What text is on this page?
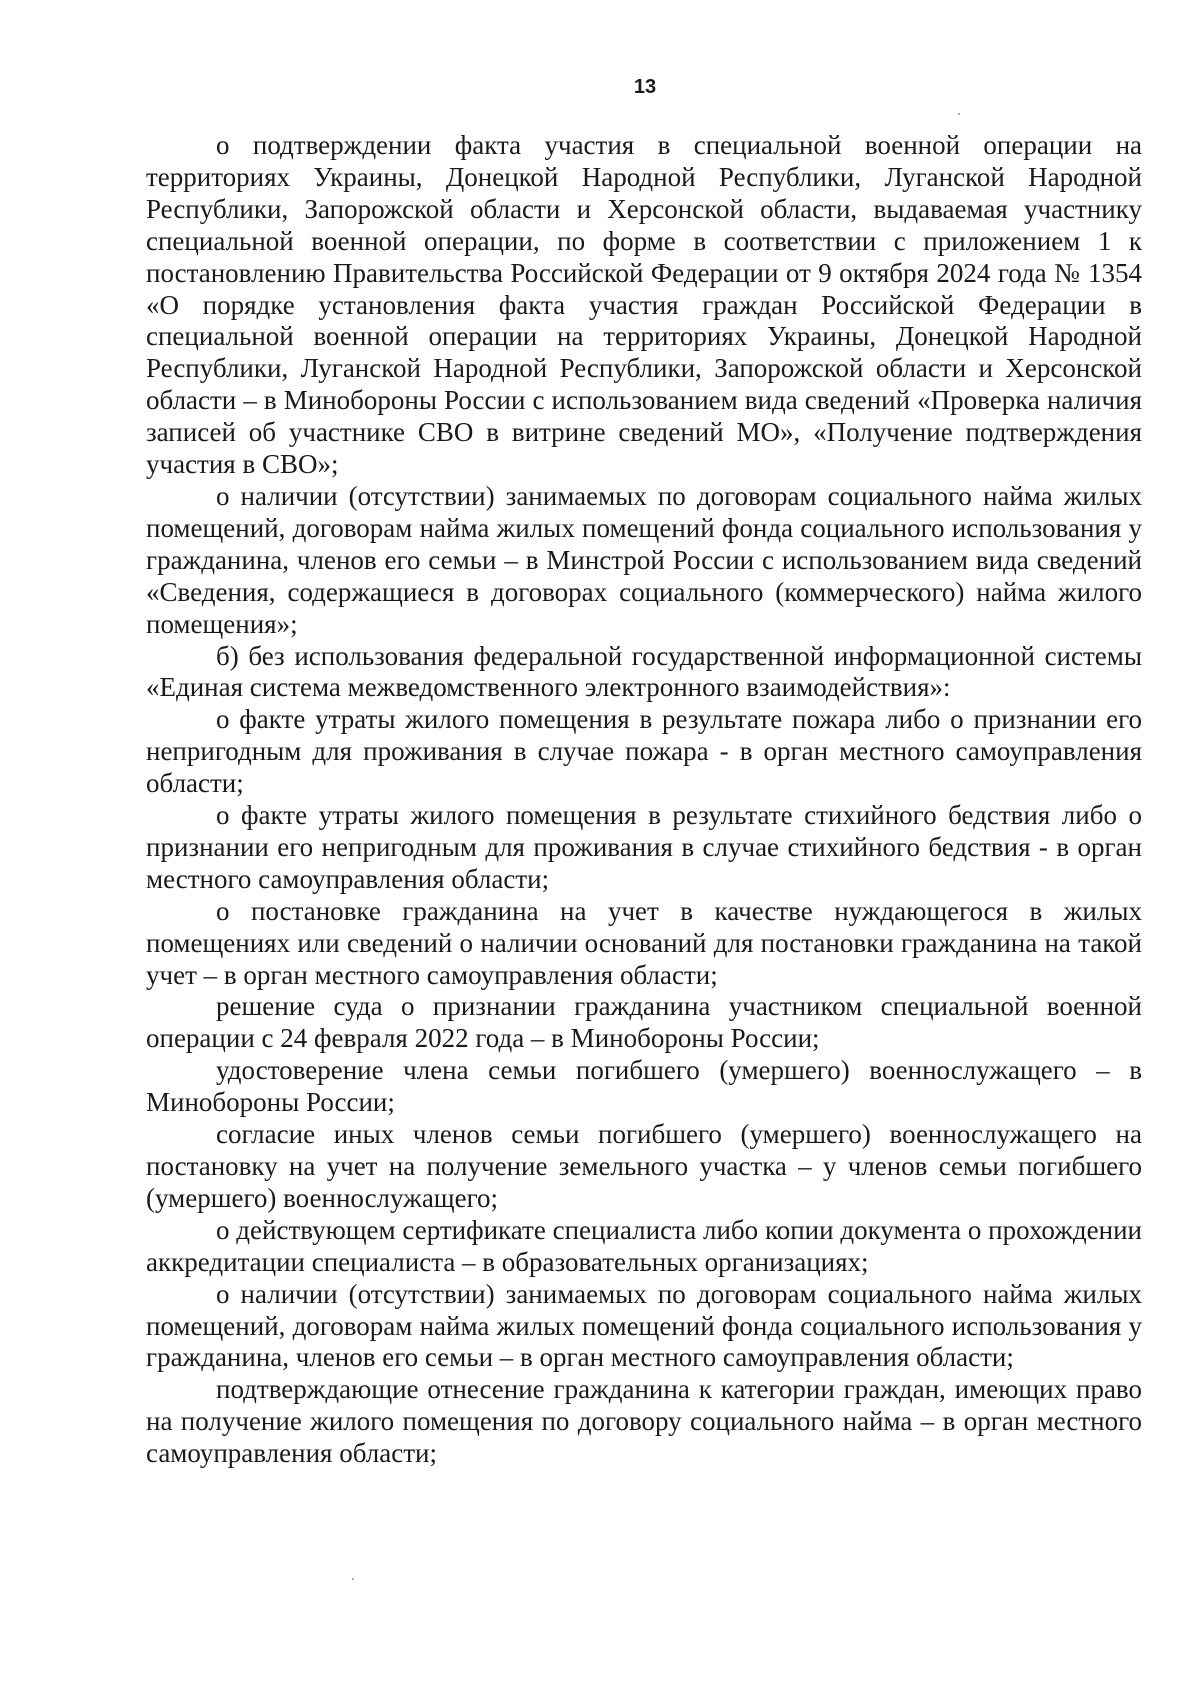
13

о подтверждении факта участия в специальной военной операции на территориях Украины, Донецкой Народной Республики, Луганской Народной Республики, Запорожской области и Херсонской области, выдаваемая участнику специальной военной операции, по форме в соответствии с приложением 1 к постановлению Правительства Российской Федерации от 9 октября 2024 года № 1354 «О порядке установления факта участия граждан Российской Федерации в специальной военной операции на территориях Украины, Донецкой Народной Республики, Луганской Народной Республики, Запорожской области и Херсонской области – в Минобороны России с использованием вида сведений «Проверка наличия записей об участнике СВО в витрине сведений МО», «Получение подтверждения участия в СВО»;

о наличии (отсутствии) занимаемых по договорам социального найма жилых помещений, договорам найма жилых помещений фонда социального использования у гражданина, членов его семьи – в Минстрой России с использованием вида сведений «Сведения, содержащиеся в договорах социального (коммерческого) найма жилого помещения»;

б) без использования федеральной государственной информационной системы «Единая система межведомственного электронного взаимодействия»:

о факте утраты жилого помещения в результате пожара либо о признании его непригодным для проживания в случае пожара - в орган местного самоуправления области;

о факте утраты жилого помещения в результате стихийного бедствия либо о признании его непригодным для проживания в случае стихийного бедствия - в орган местного самоуправления области;

о постановке гражданина на учет в качестве нуждающегося в жилых помещениях или сведений о наличии оснований для постановки гражданина на такой учет – в орган местного самоуправления области;

решение суда о признании гражданина участником специальной военной операции с 24 февраля 2022 года – в Минобороны России;

удостоверение члена семьи погибшего (умершего) военнослужащего – в Минобороны России;

согласие иных членов семьи погибшего (умершего) военнослужащего на постановку на учет на получение земельного участка – у членов семьи погибшего (умершего) военнослужащего;

о действующем сертификате специалиста либо копии документа о прохождении аккредитации специалиста – в образовательных организациях;

о наличии (отсутствии) занимаемых по договорам социального найма жилых помещений, договорам найма жилых помещений фонда социального использования у гражданина, членов его семьи – в орган местного самоуправления области;

подтверждающие отнесение гражданина к категории граждан, имеющих право на получение жилого помещения по договору социального найма – в орган местного самоуправления области;
